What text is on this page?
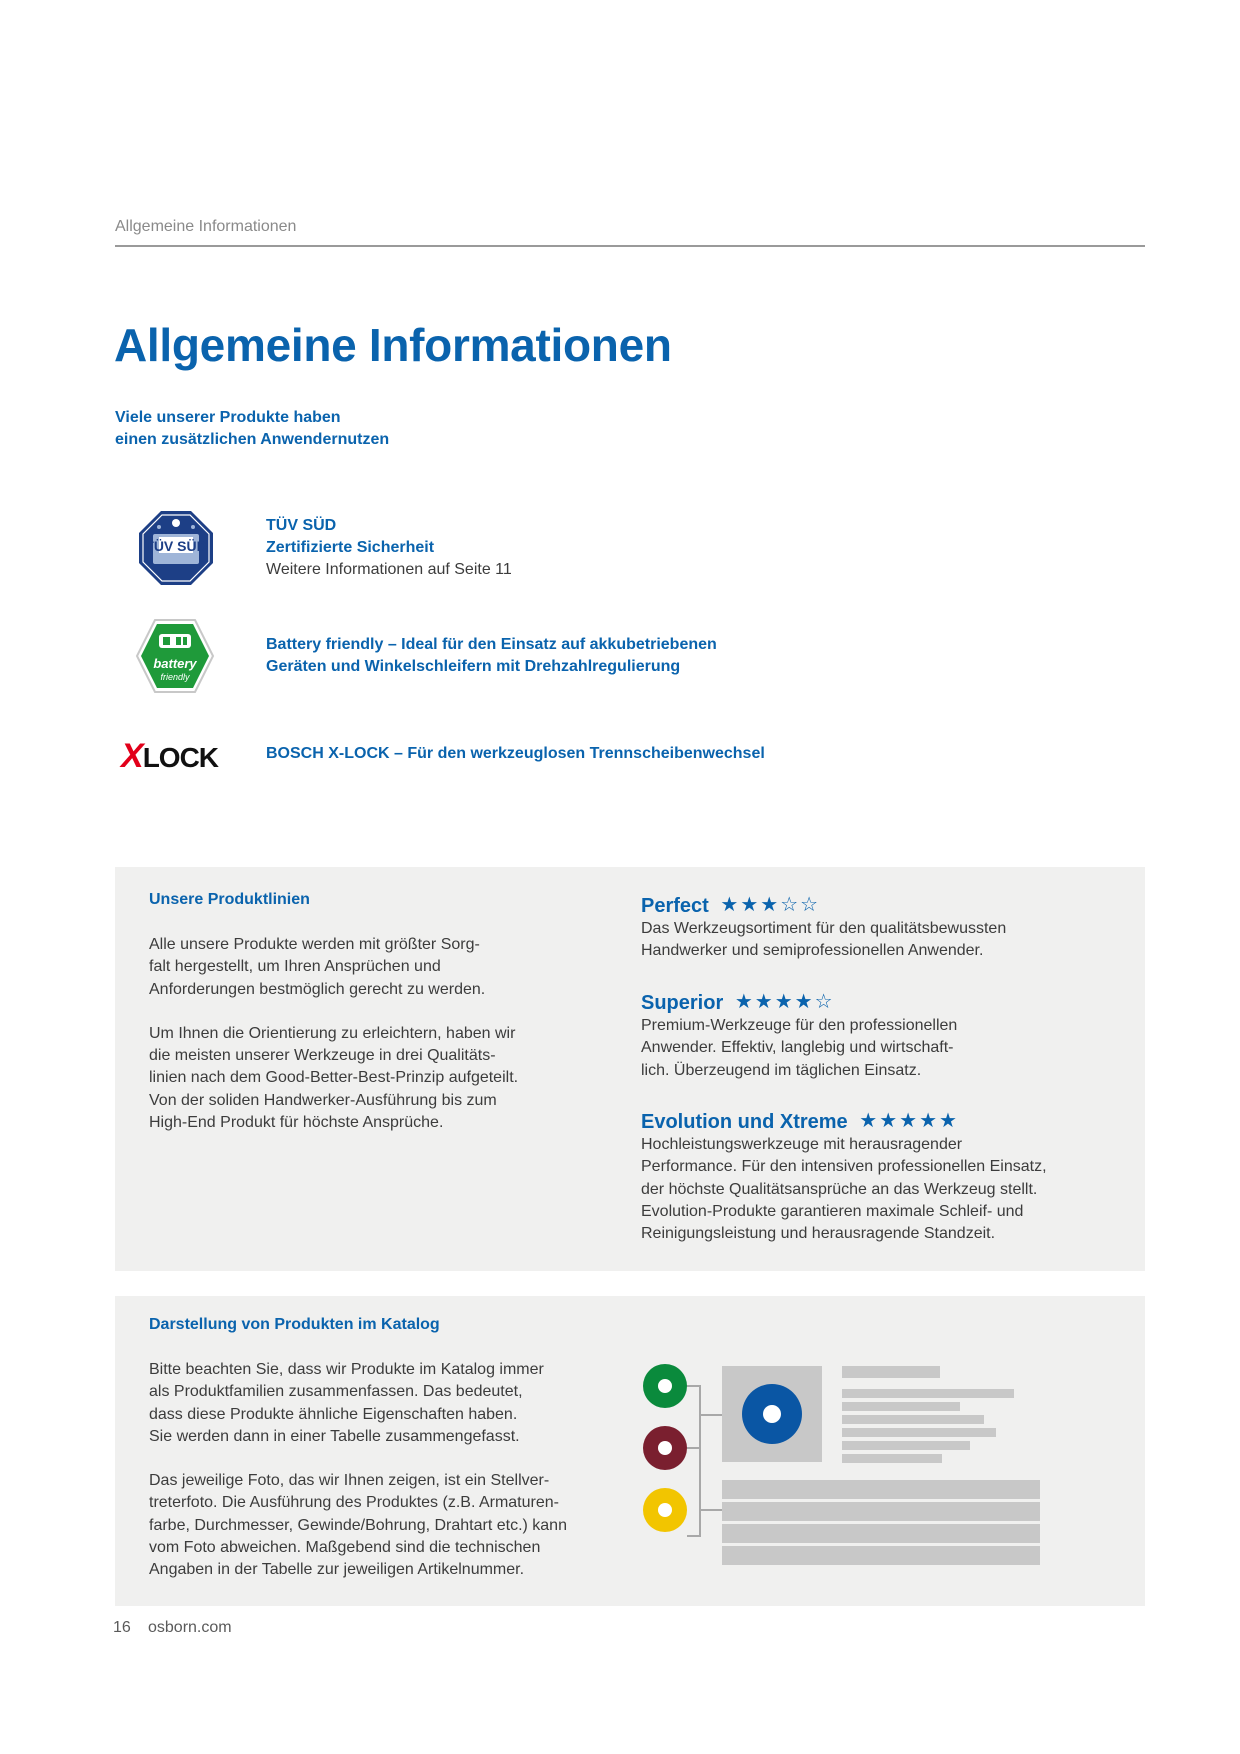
Allgemeine Informationen
Allgemeine Informationen
Viele unserer Produkte haben
einen zusätzlichen Anwendernutzen
TÜV SÜD
TÜV SÜD
Zertifizierte Sicherheit
Weitere Informationen auf Seite 11
battery
friendly
Battery friendly – Ideal für den Einsatz auf akkubetriebenen
Geräten und Winkelschleifern mit Drehzahlregulierung
XLOCK	BOSCH X-LOCK – Für den werkzeuglosen Trennscheibenwechsel
Unsere Produktlinien

Alle unsere Produkte werden mit größter Sorg-
falt hergestellt, um Ihren Ansprüchen und
Anforderungen bestmöglich gerecht zu werden.

Um Ihnen die Orientierung zu erleichtern, haben wir
die meisten unserer Werkzeuge in drei Qualitäts-
linien nach dem Good-Better-Best-Prinzip aufgeteilt.
Von der soliden Handwerker-Ausführung bis zum
High-End Produkt für höchste Ansprüche.

Perfect ★★★☆☆
Das Werkzeugsortiment für den qualitätsbewussten
Handwerker und semiprofessionellen Anwender.
Superior ★★★★☆
Premium-Werkzeuge für den professionellen
Anwender. Effektiv, langlebig und wirtschaft-
lich. Überzeugend im täglichen Einsatz.
Evolution und Xtreme ★★★★★
Hochleistungswerkzeuge mit herausragender
Performance. Für den intensiven professionellen Einsatz,
der höchste Qualitätsansprüche an das Werkzeug stellt.
Evolution-Produkte garantieren maximale Schleif- und
Reinigungsleistung und herausragende Standzeit.
Darstellung von Produkten im Katalog

Bitte beachten Sie, dass wir Produkte im Katalog immer
als Produktfamilien zusammenfassen. Das bedeutet,
dass diese Produkte ähnliche Eigenschaften haben.
Sie werden dann in einer Tabelle zusammengefasst.

Das jeweilige Foto, das wir Ihnen zeigen, ist ein Stellver-
treterfoto. Die Ausführung des Produktes (z.B. Armaturen-
farbe, Durchmesser, Gewinde/Bohrung, Drahtart etc.) kann
vom Foto abweichen. Maßgebend sind die technischen
Angaben in der Tabelle zur jeweiligen Artikelnummer.

16 osborn.com
